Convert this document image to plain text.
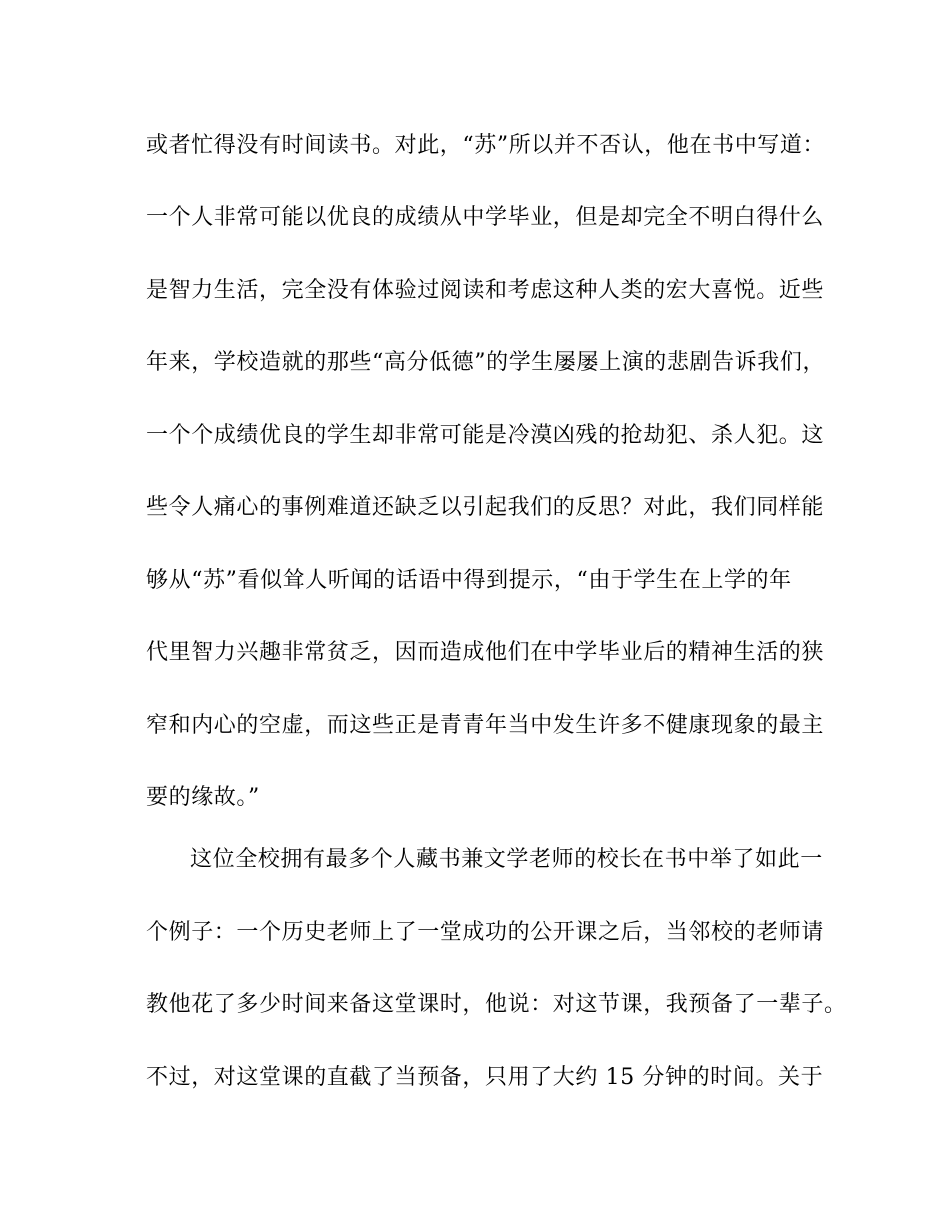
或者忙得没有时间读书。对此，“苏”所以并不否认，他在书中写道：
一个人非常可能以优良的成绩从中学毕业，但是却完全不明白得什么
是智力生活，完全没有体验过阅读和考虑这种人类的宏大喜悦。近些
年来，学校造就的那些“高分低德”的学生屡屡上演的悲剧告诉我们，
一个个成绩优良的学生却非常可能是冷漠凶残的抢劫犯、杀人犯。这
些令人痛心的事例难道还缺乏以引起我们的反思？对此，我们同样能
够从“苏”看似耸人听闻的话语中得到提示，“由于学生在上学的年
代里智力兴趣非常贫乏，因而造成他们在中学毕业后的精神生活的狭
窄和内心的空虚，而这些正是青青年当中发生许多不健康现象的最主
要的缘故。”
这位全校拥有最多个人藏书兼文学老师的校长在书中举了如此一
个例子：一个历史老师上了一堂成功的公开课之后，当邻校的老师请
教他花了多少时间来备这堂课时，他说：对这节课，我预备了一辈子。
不过，对这堂课的直截了当预备，只用了大约 15 分钟的时间。关于
